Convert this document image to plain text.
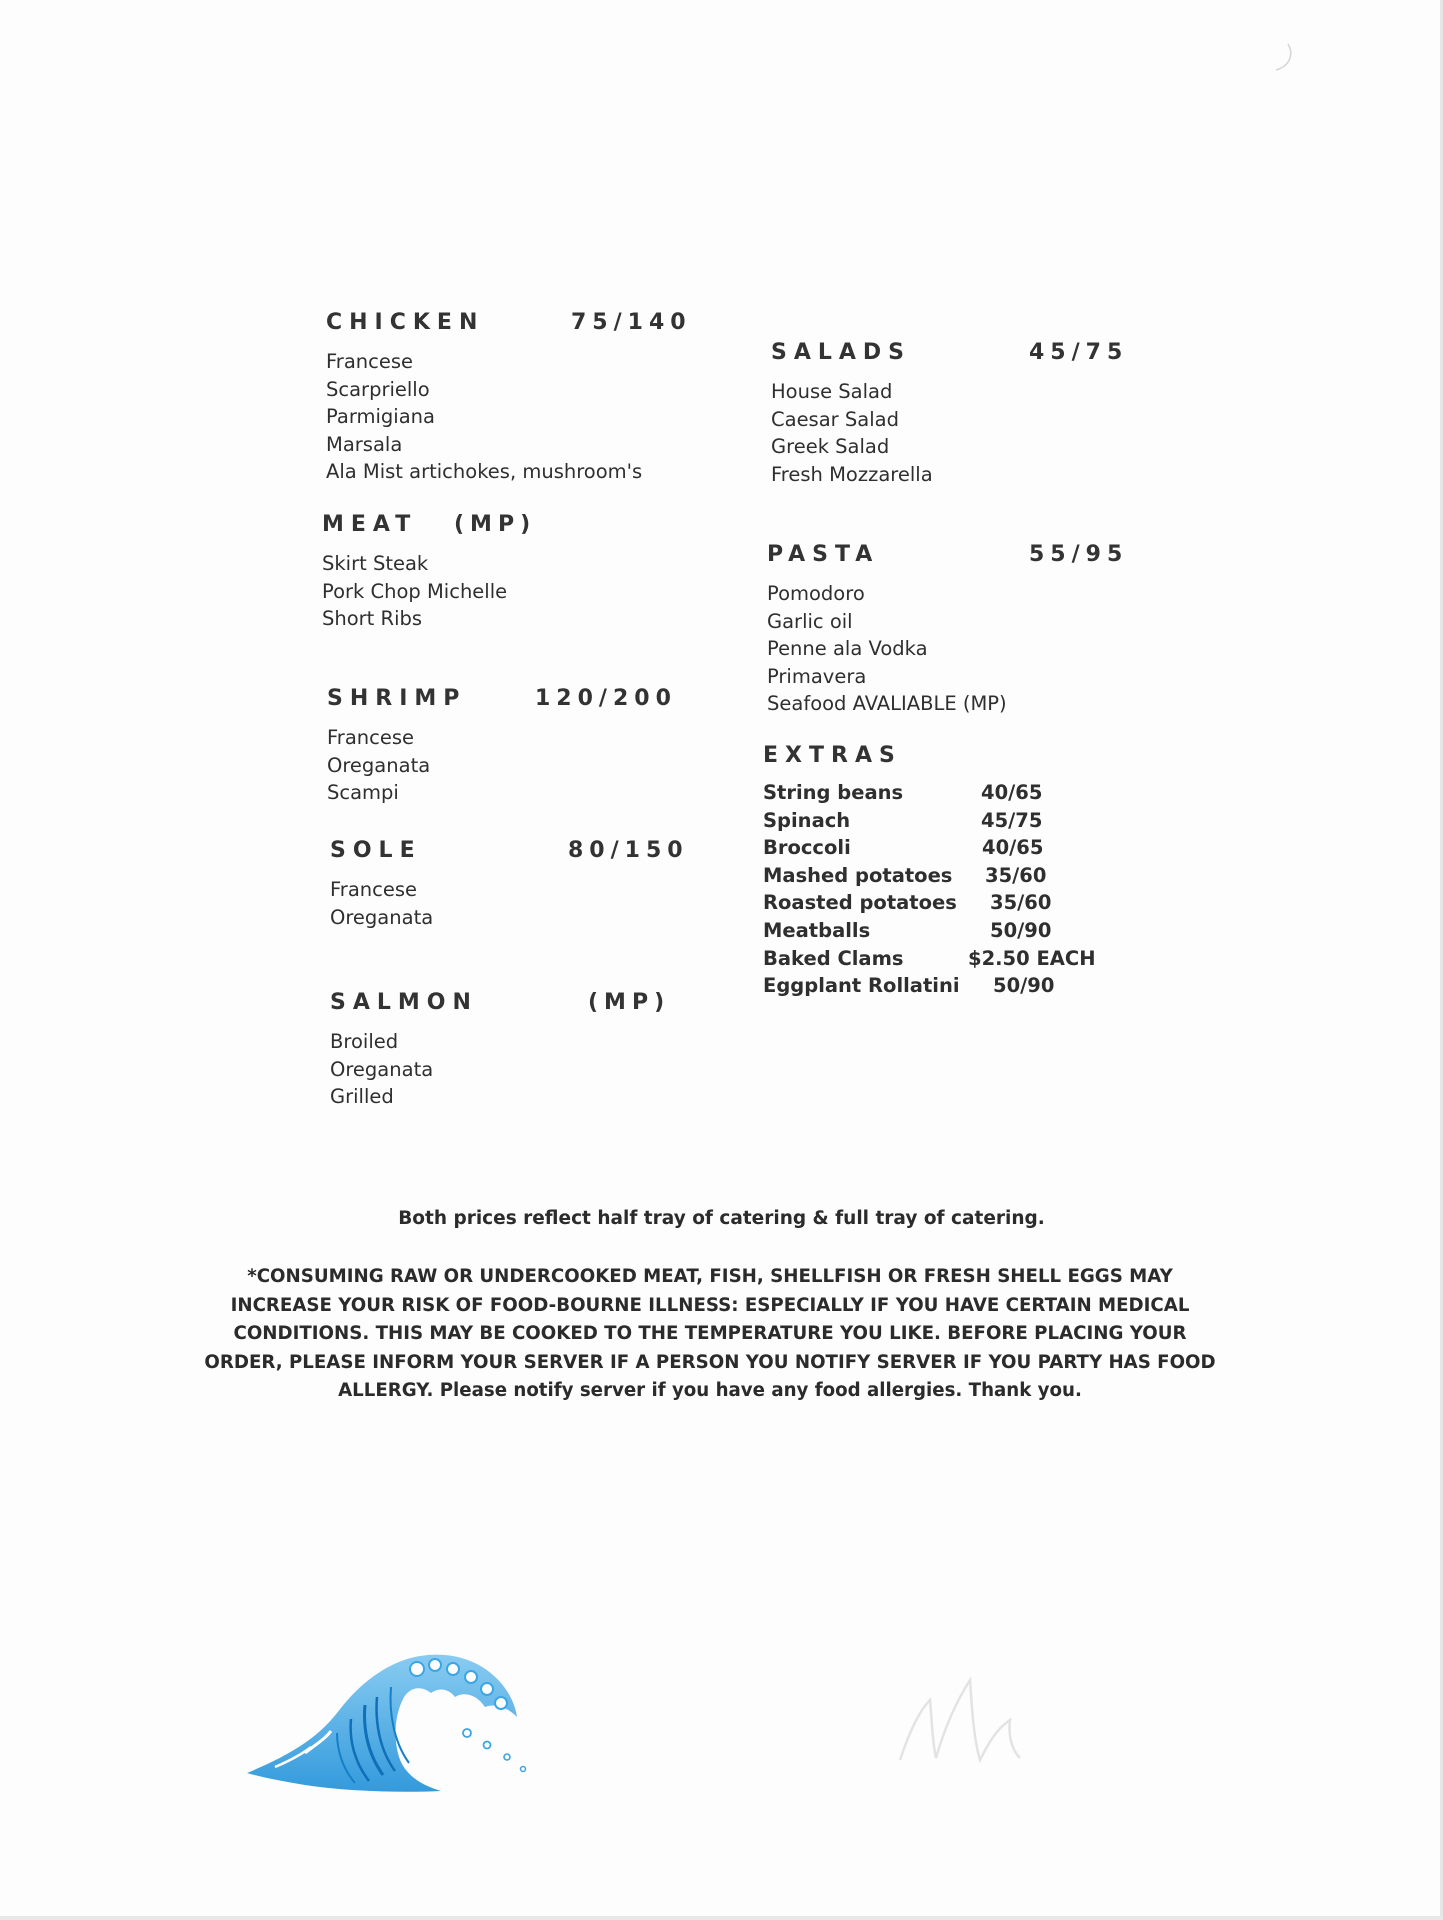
CHICKEN	75/140
Francese
Scarpriello
Parmigiana
Marsala
Ala Mist artichokes, mushroom's
MEAT (MP)
Skirt Steak
Pork Chop Michelle
Short Ribs
SHRIMP	120/200
Francese
Oreganata
Scampi
SOLE	80/150
Francese
Oreganata
SALMON	(MP)
Broiled
Oreganata
Grilled
SALADS	45/75
House Salad
Caesar Salad
Greek Salad
Fresh Mozzarella
PASTA	55/95
Pomodoro
Garlic oil
Penne ala Vodka
Primavera
Seafood AVALIABLE (MP)
EXTRAS
String beans	40/65
Spinach	45/75
Broccoli	40/65
Mashed potatoes 35/60
Roasted potatoes 35/60
Meatballs	50/90
Baked Clams	$2.50 EACH
Eggplant Rollatini 50/90
Both prices reflect half tray of catering & full tray of catering.
*CONSUMING RAW OR UNDERCOOKED MEAT, FISH, SHELLFISH OR FRESH SHELL EGGS MAY INCREASE YOUR RISK OF FOOD-BOURNE ILLNESS: ESPECIALLY IF YOU HAVE CERTAIN MEDICAL CONDITIONS. THIS MAY BE COOKED TO THE TEMPERATURE YOU LIKE. BEFORE PLACING YOUR ORDER, PLEASE INFORM YOUR SERVER IF A PERSON YOU NOTIFY SERVER IF YOU PARTY HAS FOOD ALLERGY. Please notify server if you have any food allergies. Thank you.
